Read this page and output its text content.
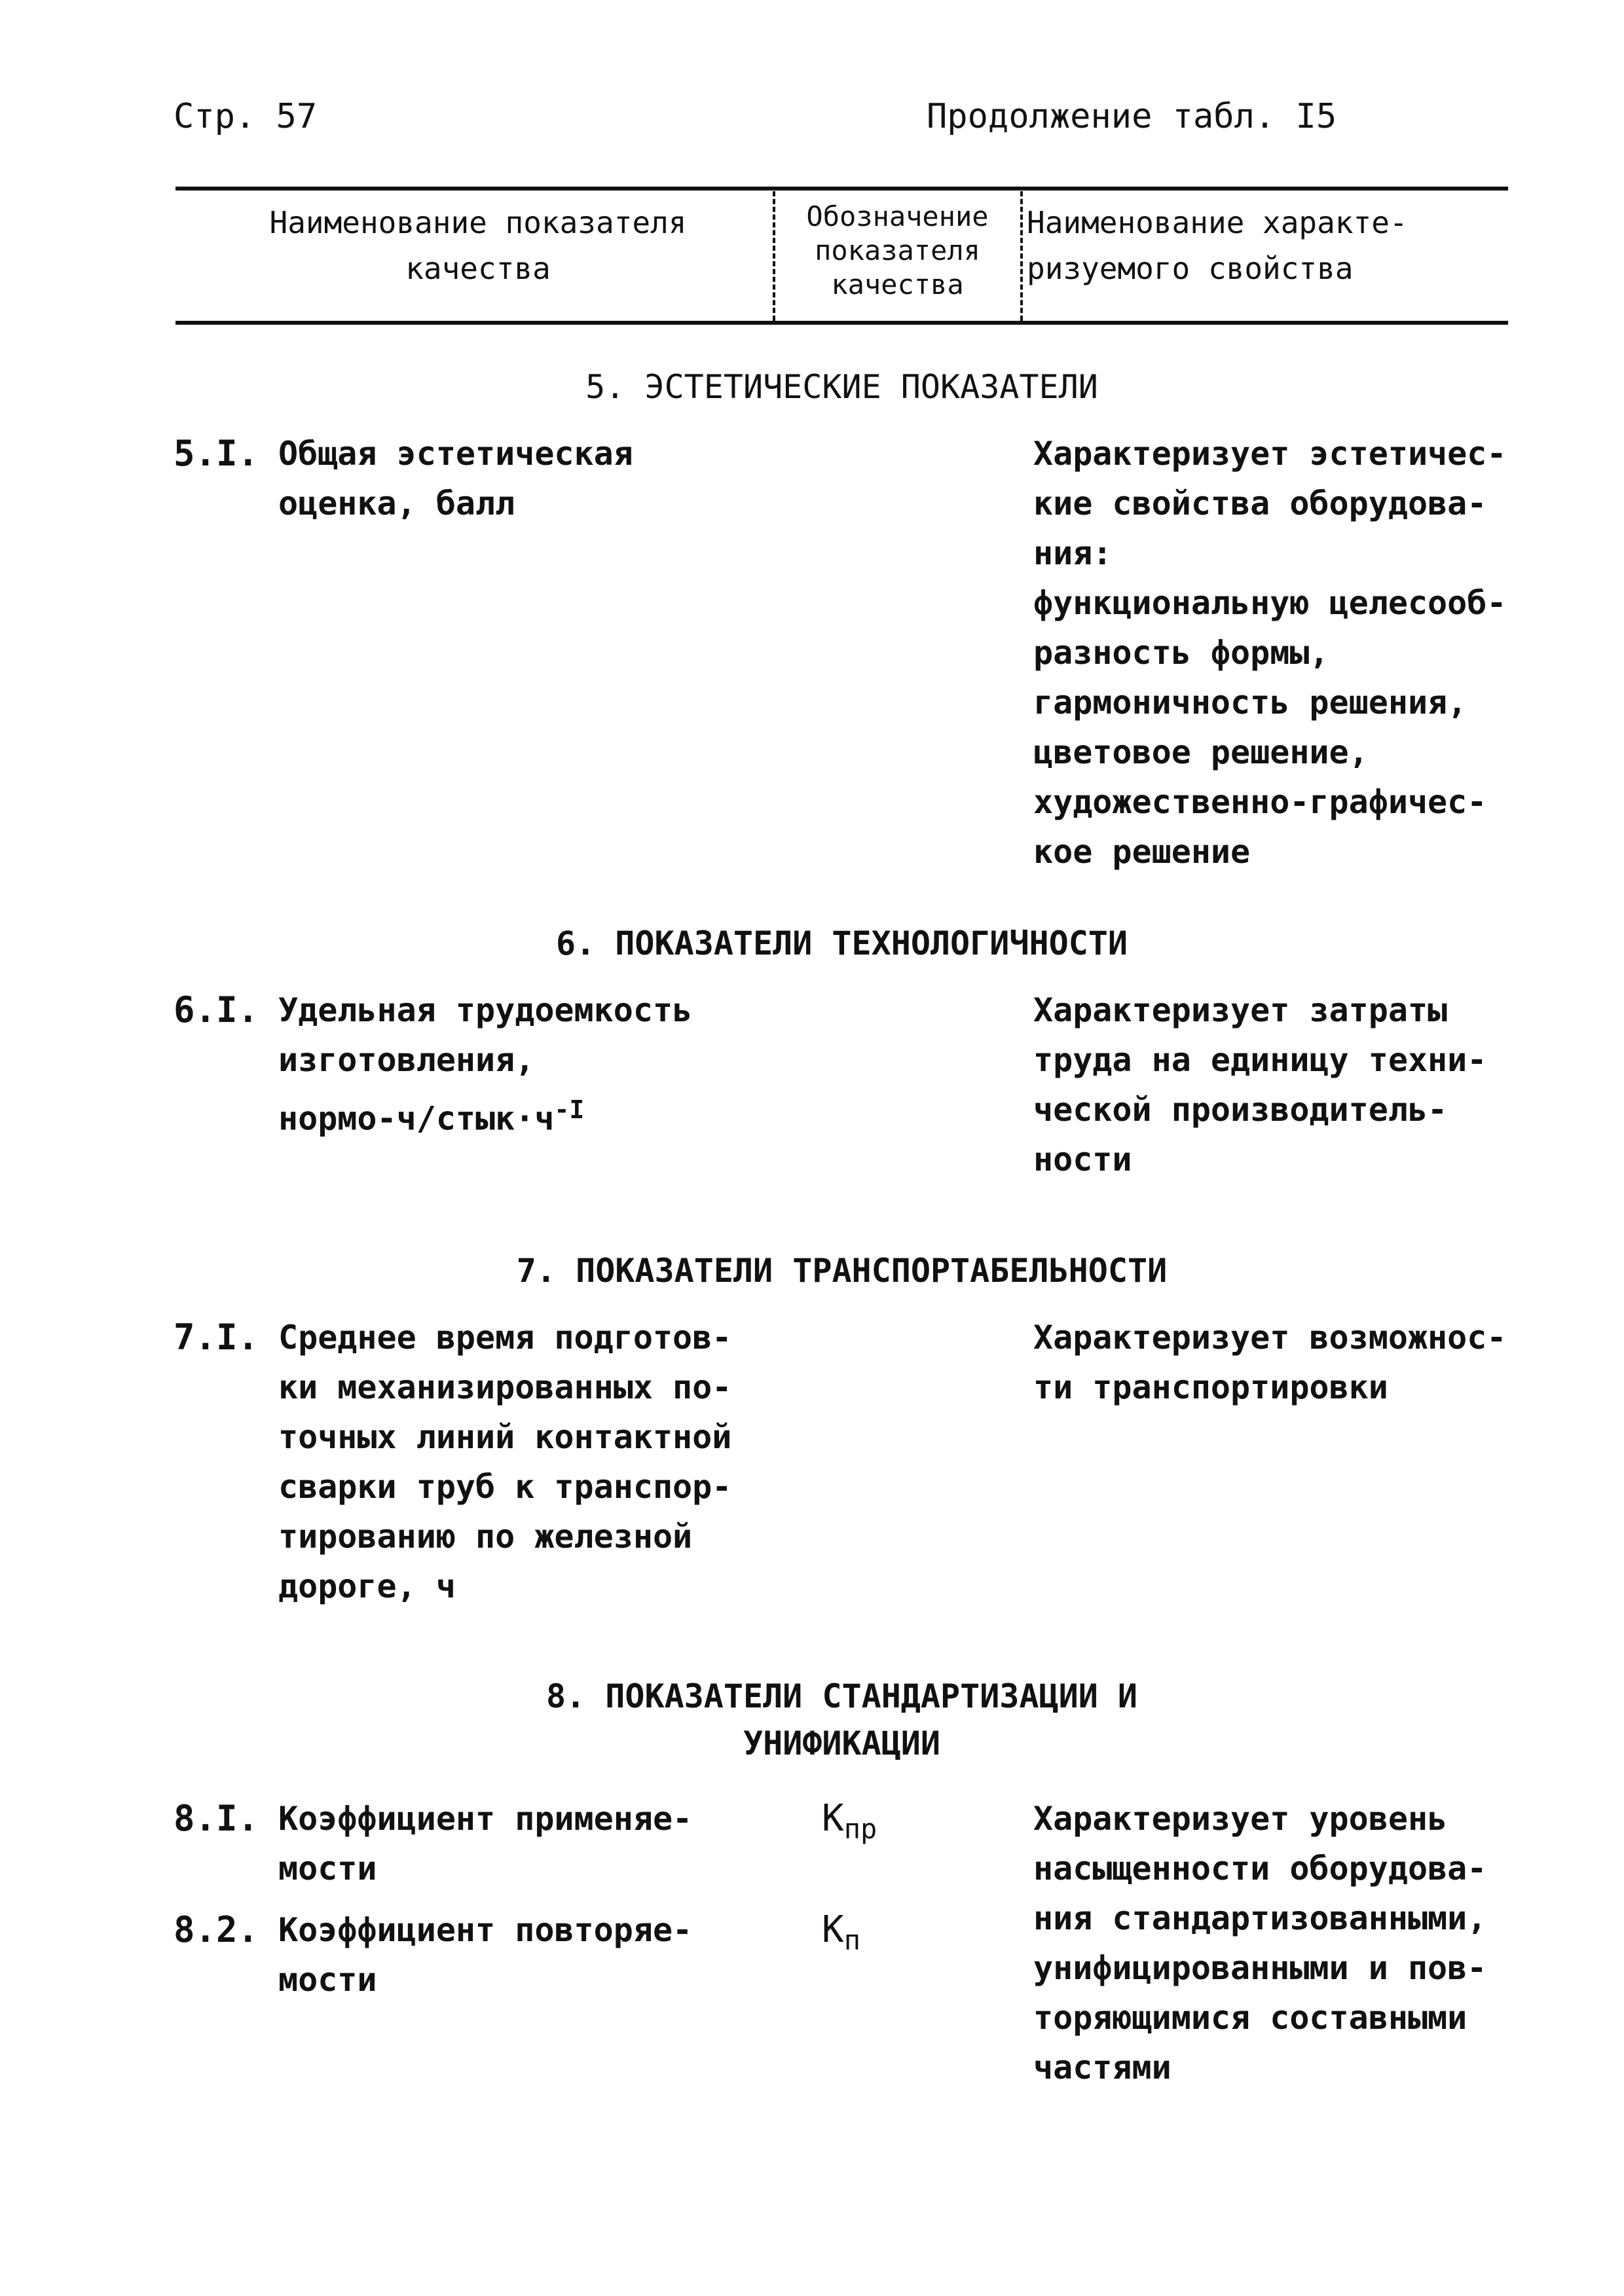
Стр. 57	Продолжение табл. I5
Наименование показателя
качества
Обозначение
показателя
качества
Наименование характе-
ризуемого свойства
5. ЭСТЕТИЧЕСКИЕ ПОКАЗАТЕЛИ
5.I. Общая эстетическая
оценка, балл
Характеризует эстетичес-
кие свойства оборудова-
ния:
функциональную целесооб-
разность формы,
гармоничность решения,
цветовое решение,
художественно-графичес-
кое решение
6. ПОКАЗАТЕЛИ ТЕХНОЛОГИЧНОСТИ
6.I. Удельная трудоемкость
изготовления,
нормо-$ч/стык\cdot ч^{-I}$
Характеризует затраты
труда на единицу техни-
ческой производитель-
ности
7. ПОКАЗАТЕЛИ ТРАНСПОРТАБЕЛЬНОСТИ
7.I. Среднее время подготов-
ки механизированных по-
точных линий контактной
сварки труб к транспор-
тированию по железной
дороге, ч
Характеризует возможнос-
ти транспортировки
8. ПОКАЗАТЕЛИ СТАНДАРТИЗАЦИИ И
УНИФИКАЦИИ
8.I. Коэффициент применяе-
мости
$К_{пр}$	Характеризует уровень
насыщенности оборудова-
ния стандартизованными,
унифицированными и пов-
торяющимися составными
частями
8.2. Коэффициент повторяе-
мости
$К_п$
